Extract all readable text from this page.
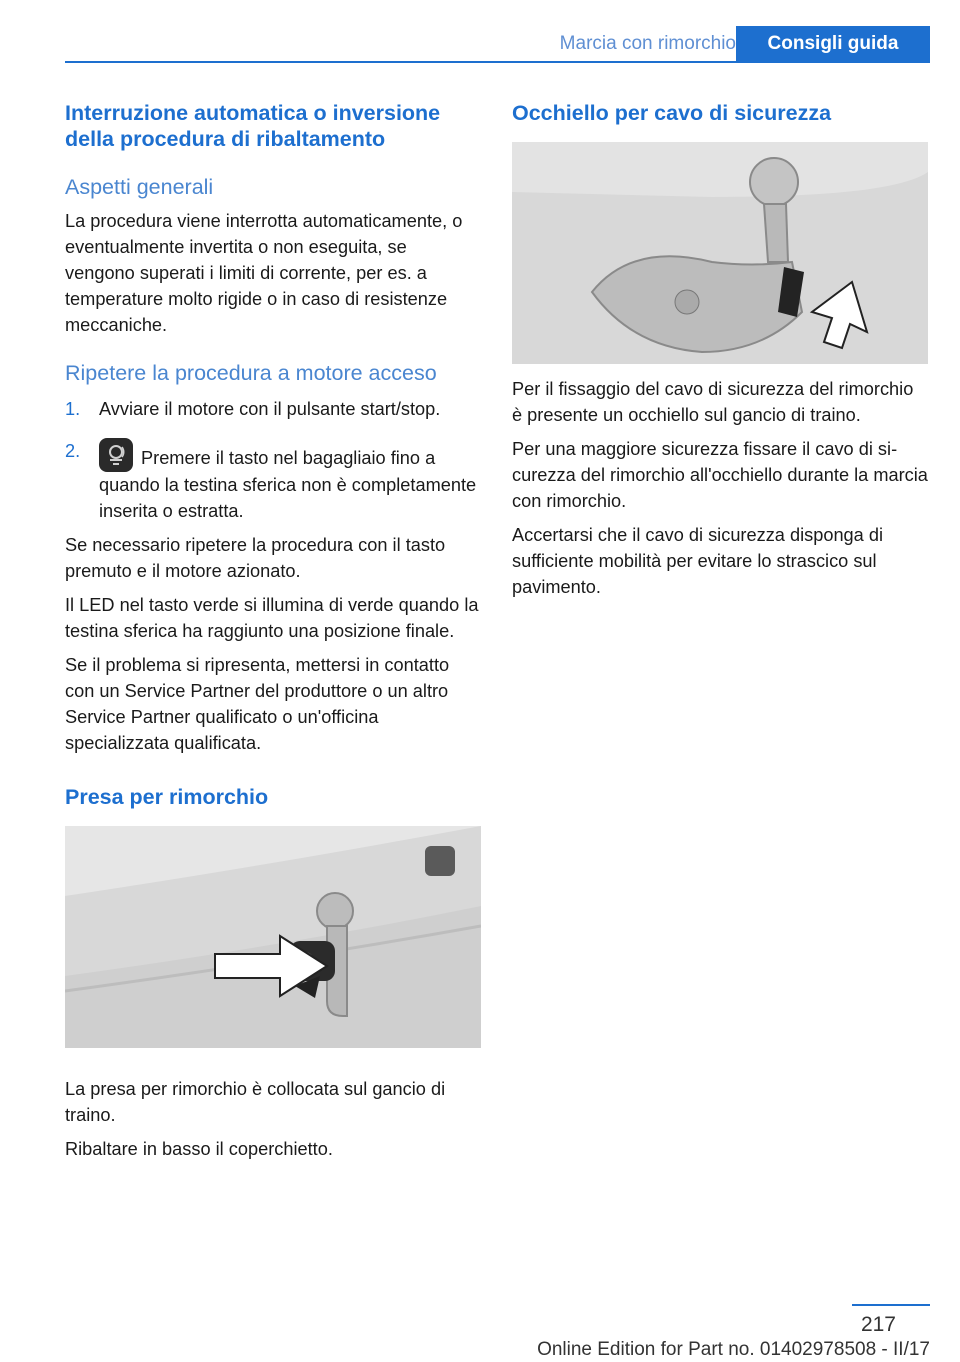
Marcia con rimorchio	Consigli guida
Interruzione automatica o inversione della procedura di ribaltamento
Aspetti generali

La procedura viene interrotta automaticamente, o eventualmente invertita o non eseguita, se vengono superati i limiti di corrente, per es. a temperature molto rigide o in caso di resistenze meccaniche.

Ripetere la procedura a motore acceso
1. Avviare il motore con il pulsante start/stop.
2.	Premere il tasto nel bagagliaio fino a quando la testina sferica non è completamente inserita o estratta.

Se necessario ripetere la procedura con il tasto premuto e il motore azionato.

Il LED nel tasto verde si illumina di verde quando la testina sferica ha raggiunto una posizione finale.

Se il problema si ripresenta, mettersi in contatto con un Service Partner del produttore o un altro Service Partner qualificato o un'officina specializzata qualificata.

Presa per rimorchio

La presa per rimorchio è collocata sul gancio di traino.

Ribaltare in basso il coperchietto.

Occhiello per cavo di sicurezza

Per il fissaggio del cavo di sicurezza del rimorchio è presente un occhiello sul gancio di traino.

Per una maggiore sicurezza fissare il cavo di sicurezza del rimorchio all'occhiello durante la marcia con rimorchio.

Accertarsi che il cavo di sicurezza disponga di sufficiente mobilità per evitare lo strascico sul pavimento.

217
Online Edition for Part no. 01402978508 - II/17
